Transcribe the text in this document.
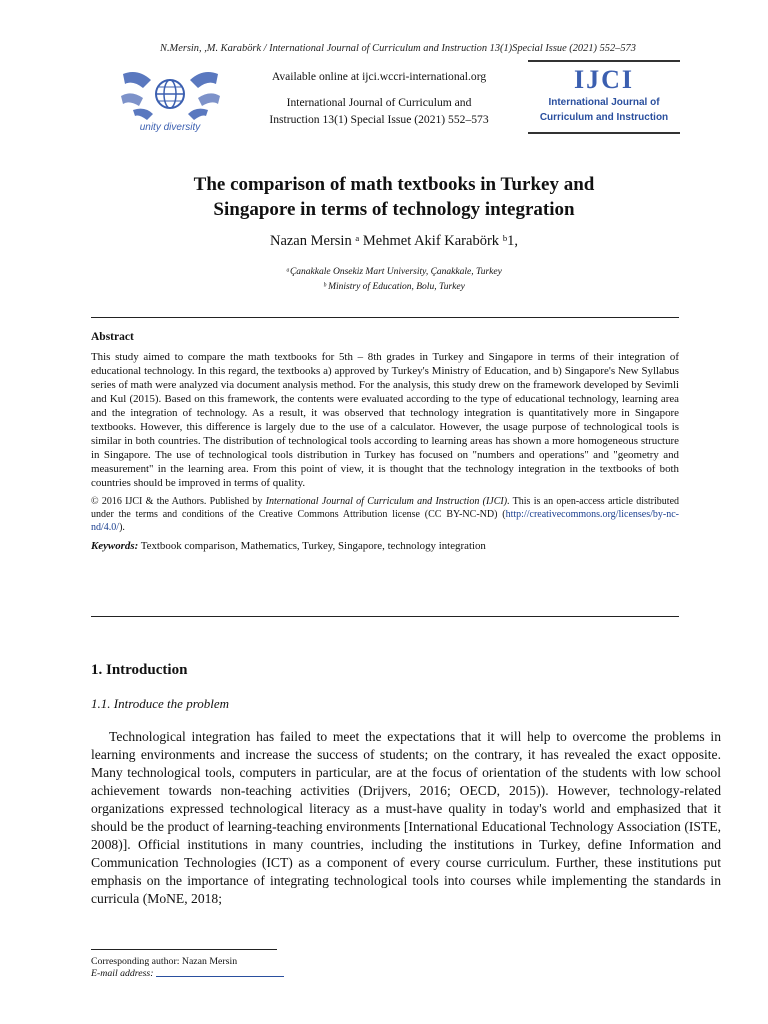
N.Mersin, ,M. Karabörk / International Journal of Curriculum and Instruction 13(1)Special Issue (2021) 552–573
unity diversity
Available online at ijci.wccri-international.org
International Journal of Curriculum and
Instruction 13(1) Special Issue (2021) 552–573
IJCI
International Journal of
Curriculum and Instruction
The comparison of math textbooks in Turkey and
Singapore in terms of technology integration
Nazan Mersin ᵃ Mehmet Akif Karabörk ᵇ1,
ᵃÇanakkale Onsekiz Mart University, Çanakkale, Turkey
ᵇ Ministry of Education, Bolu, Turkey
Abstract

This study aimed to compare the math textbooks for 5th – 8th grades in Turkey and Singapore in terms of their integration of educational technology. In this regard, the textbooks a) approved by Turkey's Ministry of Education, and b) Singapore's New Syllabus series of math were analyzed via document analysis method. For the analysis, this study drew on the framework developed by Sevimli and Kul (2015). Based on this framework, the contents were evaluated according to the type of educational technology, learning area and the integration of technology. As a result, it was observed that technology integration is quantitatively more in Singapore textbooks. However, this difference is largely due to the use of a calculator. However, the usage purpose of technological tools is similar in both countries. The distribution of technological tools according to learning areas has shown a more homogeneous structure in Singapore. The use of technological tools distribution in Turkey has focused on "numbers and operations" and "geometry and measurement" in the learning area. From this point of view, it is thought that the technology integration in the textbooks of both countries should be improved in terms of quality.

© 2016 IJCI & the Authors. Published by International Journal of Curriculum and Instruction (IJCI). This is an open-access article distributed under the terms and conditions of the Creative Commons Attribution license (CC BY-NC-ND) (http://creativecommons.org/licenses/by-nc-nd/4.0/).

Keywords: Textbook comparison, Mathematics, Turkey, Singapore, technology integration

1. Introduction
1.1. Introduce the problem
Technological integration has failed to meet the expectations that it will help to overcome the problems in learning environments and increase the success of students; on the contrary, it has revealed the exact opposite. Many technological tools, computers in particular, are at the focus of orientation of the students with low school achievement towards non-teaching activities (Drijvers, 2016; OECD, 2015)). However, technology-related organizations expressed technological literacy as a must-have quality in today's world and emphasized that it should be the product of learning-teaching environments [International Educational Technology Association (ISTE, 2008)]. Official institutions in many countries, including the institutions in Turkey, define Information and Communication Technologies (ICT) as a component of every course curriculum. Further, these institutions put emphasis on the importance of integrating technological tools into courses while implementing the standards in curricula (MoNE, 2018;
Corresponding author: Nazan Mersin
E-mail address:
